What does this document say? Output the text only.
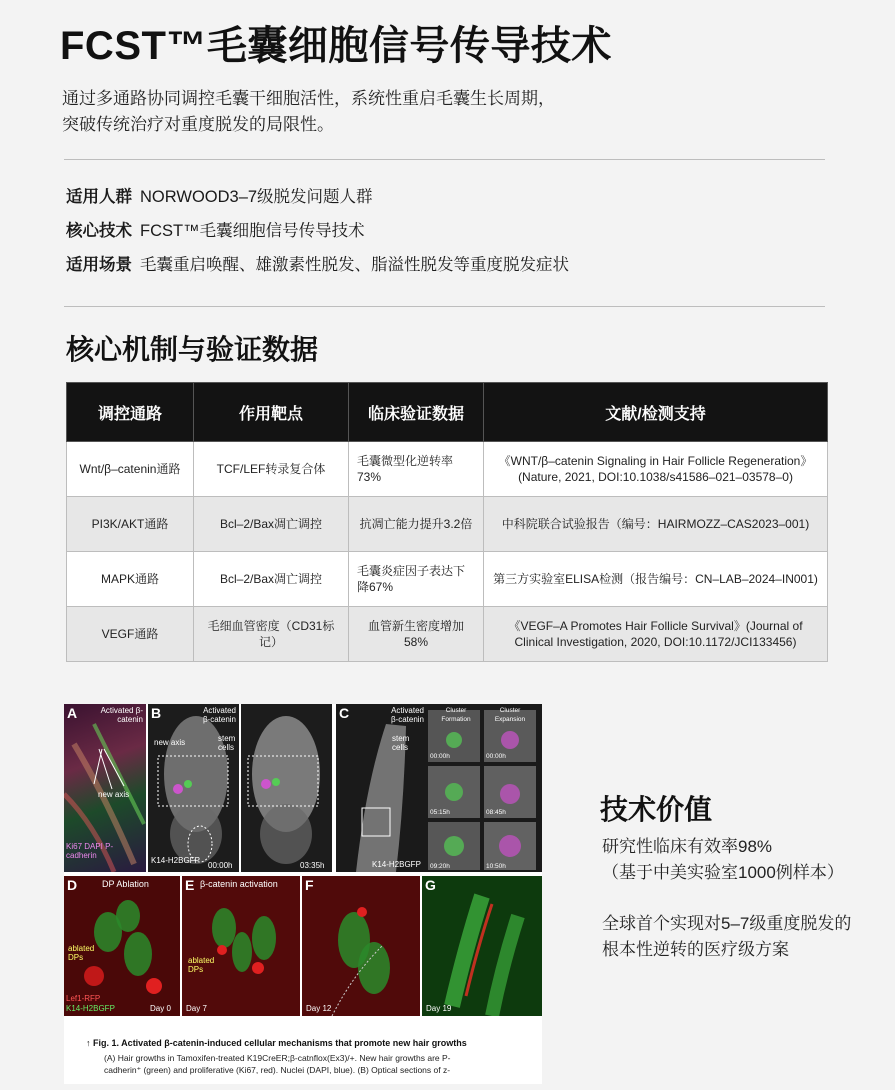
FCST™毛囊细胞信号传导技术
通过多通路协同调控毛囊干细胞活性，系统性重启毛囊生长周期，
突破传统治疗对重度脱发的局限性。
适用人群 NORWOOD3–7级脱发问题人群
核心技术 FCST™毛囊细胞信号传导技术
适用场景 毛囊重启唤醒、雄激素性脱发、脂溢性脱发等重度脱发症状
核心机制与验证数据
调控通路	作用靶点	临床验证数据	文献/检测支持
Wnt/β–catenin通路	TCF/LEF转录复合体	毛囊微型化逆转率73%	《WNT/β–catenin Signaling in Hair Follicle Regeneration》(Nature, 2021, DOI:10.1038/s41586–021–03578–0)
PI3K/AKT通路	Bcl–2/Bax凋亡调控	抗凋亡能力提升3.2倍	中科院联合试验报告（编号：HAIRMOZZ–CAS2023–001)
MAPK通路	Bcl–2/Bax凋亡调控	毛囊炎症因子表达下降67%	第三方实验室ELISA检测（报告编号：CN–LAB–2024–IN001)
VEGF通路	毛细血管密度（CD31标记）	血管新生密度增加58%	《VEGF–A Promotes Hair Follicle Survival》(Journal of Clinical Investigation, 2020, DOI:10.1172/JCI133456)
A	Activated β-catenin
new axis
Ki67 DAPI P-cadherin
B	Activated β-catenin
new axis	stem cells
K14-H2BGFP
00:00h	03:35h
C	Activated β-catenin
Cluster Formation
Cluster Expansion
stem cells
K14-H2BGFP
00:00h	00:00h
05:15h	08:45h
09:20h	10:50h
D	DP Ablation
ablated DPs
Lef1-RFP
K14-H2BGFP	Day 0
E β-catenin activation
ablated DPs
Day 7
F
Day 12
G
Day 19
↑ Fig. 1. Activated β-catenin-induced cellular mechanisms that promote new hair growths
(A) Hair growths in Tamoxifen-treated K19CreER;β-catnflox(Ex3)/+. New hair growths are P-
cadherin⁺ (green) and proliferative (Ki67, red). Nuclei (DAPI, blue). (B) Optical sections of z-
技术价值
研究性临床有效率98%
（基于中美实验室1000例样本）
全球首个实现对5–7级重度脱发的
根本性逆转的医疗级方案
